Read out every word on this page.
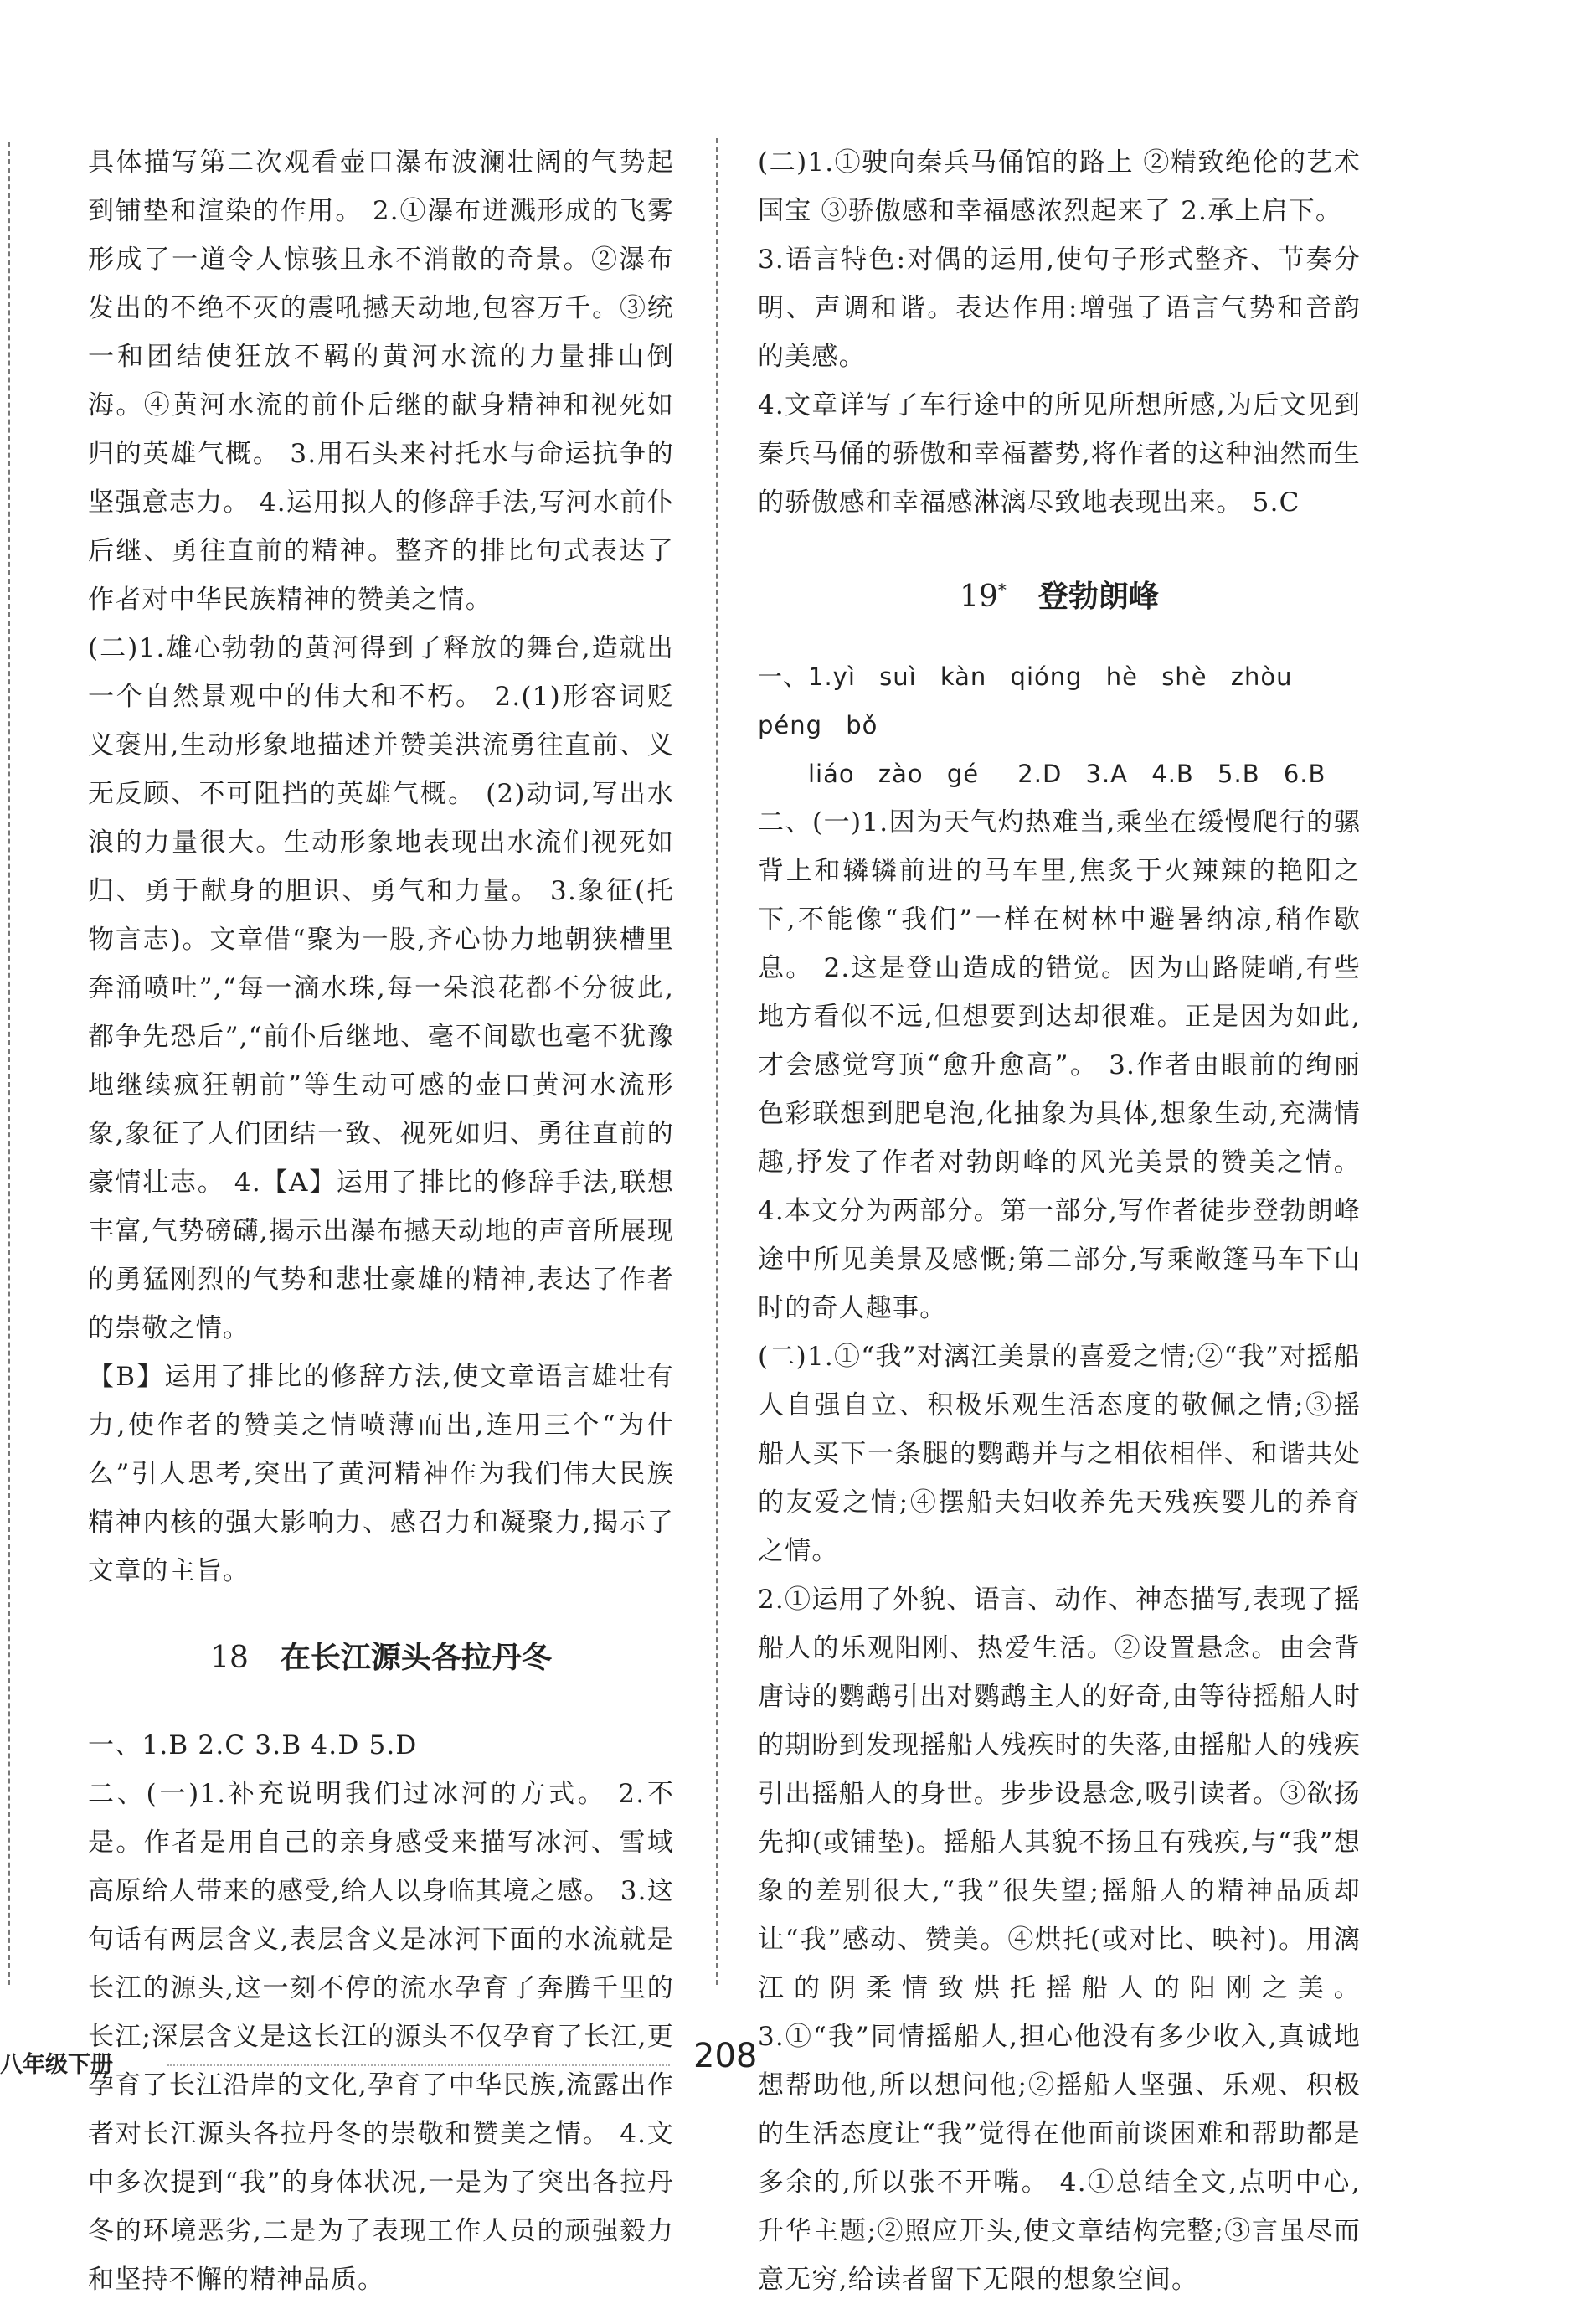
具体描写第二次观看壶口瀑布波澜壮阔的气势起到铺垫和渲染的作用。 2.①瀑布迸溅形成的飞雾形成了一道令人惊骇且永不消散的奇景。②瀑布发出的不绝不灭的震吼撼天动地,包容万千。③统一和团结使狂放不羁的黄河水流的力量排山倒海。④黄河水流的前仆后继的献身精神和视死如归的英雄气概。 3.用石头来衬托水与命运抗争的坚强意志力。 4.运用拟人的修辞手法,写河水前仆后继、勇往直前的精神。整齐的排比句式表达了作者对中华民族精神的赞美之情。

(二)1.雄心勃勃的黄河得到了释放的舞台,造就出一个自然景观中的伟大和不朽。 2.(1)形容词贬义褒用,生动形象地描述并赞美洪流勇往直前、义无反顾、不可阻挡的英雄气概。 (2)动词,写出水浪的力量很大。生动形象地表现出水流们视死如归、勇于献身的胆识、勇气和力量。 3.象征(托物言志)。文章借“聚为一股,齐心协力地朝狭槽里奔涌喷吐”,“每一滴水珠,每一朵浪花都不分彼此,都争先恐后”,“前仆后继地、毫不间歇也毫不犹豫地继续疯狂朝前”等生动可感的壶口黄河水流形象,象征了人们团结一致、视死如归、勇往直前的豪情壮志。 4.【A】运用了排比的修辞手法,联想丰富,气势磅礴,揭示出瀑布撼天动地的声音所展现的勇猛刚烈的气势和悲壮豪雄的精神,表达了作者的崇敬之情。

【B】运用了排比的修辞方法,使文章语言雄壮有力,使作者的赞美之情喷薄而出,连用三个“为什么”引人思考,突出了黄河精神作为我们伟大民族精神内核的强大影响力、感召力和凝聚力,揭示了文章的主旨。

18 在长江源头各拉丹冬

一、1.B 2.C 3.B 4.D 5.D

二、(一)1.补充说明我们过冰河的方式。 2.不是。作者是用自己的亲身感受来描写冰河、雪域高原给人带来的感受,给人以身临其境之感。 3.这句话有两层含义,表层含义是冰河下面的水流就是长江的源头,这一刻不停的流水孕育了奔腾千里的长江;深层含义是这长江的源头不仅孕育了长江,更孕育了长江沿岸的文化,孕育了中华民族,流露出作者对长江源头各拉丹冬的崇敬和赞美之情。 4.文中多次提到“我”的身体状况,一是为了突出各拉丹冬的环境恶劣,二是为了表现工作人员的顽强毅力和坚持不懈的精神品质。

(二)1.①驶向秦兵马俑馆的路上 ②精致绝伦的艺术国宝 ③骄傲感和幸福感浓烈起来了 2.承上启下。

3.语言特色:对偶的运用,使句子形式整齐、节奏分明、声调和谐。表达作用:增强了语言气势和音韵的美感。

4.文章详写了车行途中的所见所想所感,为后文见到秦兵马俑的骄傲和幸福蓄势,将作者的这种油然而生的骄傲感和幸福感淋漓尽致地表现出来。 5.C

19* 登勃朗峰

一、1.yì suì kàn qióng hè shè zhòu péng bǒ

liáo zào gé 2.D 3.A 4.B 5.B 6.B

二、(一)1.因为天气灼热难当,乘坐在缓慢爬行的骡背上和辚辚前进的马车里,焦炙于火辣辣的艳阳之下,不能像“我们”一样在树林中避暑纳凉,稍作歇息。 2.这是登山造成的错觉。因为山路陡峭,有些地方看似不远,但想要到达却很难。正是因为如此,才会感觉穹顶“愈升愈高”。 3.作者由眼前的绚丽色彩联想到肥皂泡,化抽象为具体,想象生动,充满情趣,抒发了作者对勃朗峰的风光美景的赞美之情。 4.本文分为两部分。第一部分,写作者徒步登勃朗峰途中所见美景及感慨;第二部分,写乘敞篷马车下山时的奇人趣事。

(二)1.①“我”对漓江美景的喜爱之情;②“我”对摇船人自强自立、积极乐观生活态度的敬佩之情;③摇船人买下一条腿的鹦鹉并与之相依相伴、和谐共处的友爱之情;④摆船夫妇收养先天残疾婴儿的养育之情。

2.①运用了外貌、语言、动作、神态描写,表现了摇船人的乐观阳刚、热爱生活。②设置悬念。由会背唐诗的鹦鹉引出对鹦鹉主人的好奇,由等待摇船人时的期盼到发现摇船人残疾时的失落,由摇船人的残疾引出摇船人的身世。步步设悬念,吸引读者。③欲扬先抑(或铺垫)。摇船人其貌不扬且有残疾,与“我”想象的差别很大,“我”很失望;摇船人的精神品质却让“我”感动、赞美。④烘托(或对比、映衬)。用漓江的阴柔情致烘托摇船人的阳刚之美。 3.①“我”同情摇船人,担心他没有多少收入,真诚地想帮助他,所以想问他;②摇船人坚强、乐观、积极的生活态度让“我”觉得在他面前谈困难和帮助都是多余的,所以张不开嘴。 4.①总结全文,点明中心,升华主题;②照应开头,使文章结构完整;③言虽尽而意无穷,给读者留下无限的想象空间。

八年级下册	208
